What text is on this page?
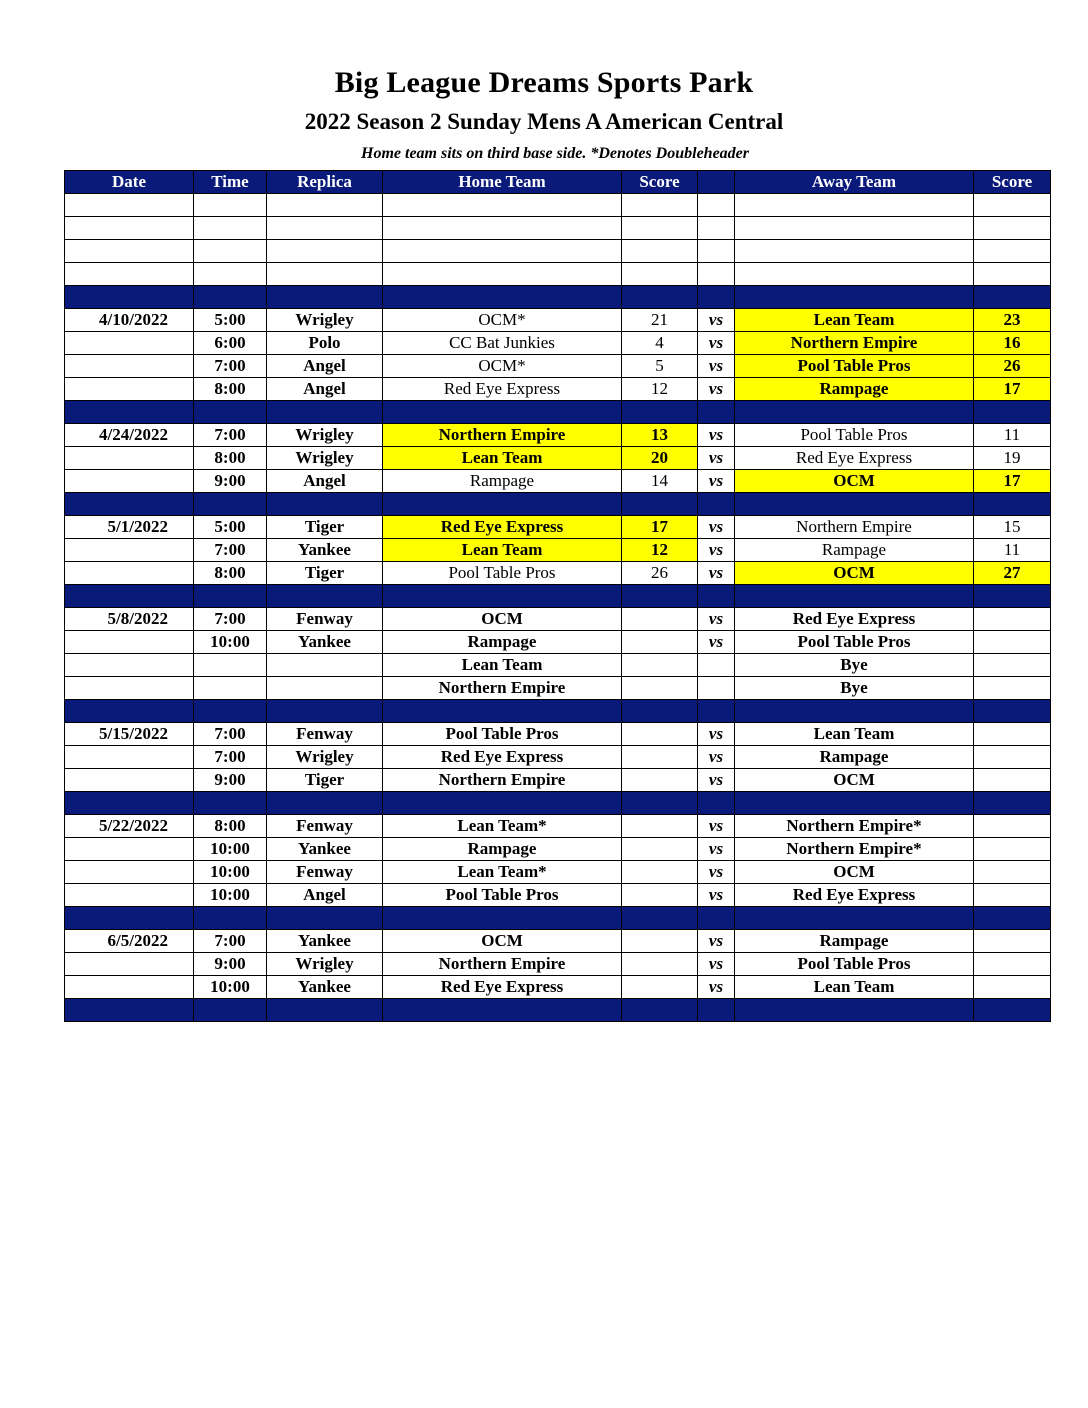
Big League Dreams Sports Park
2022 Season 2 Sunday Mens A American Central
Home team sits on third base side. *Denotes Doubleheader
Date	Time	Replica	Home Team	Score		Away Team	Score

4/10/2022	5:00	Wrigley	OCM*	21	vs	Lean Team	23
	6:00	Polo	CC Bat Junkies	4	vs	Northern Empire	16
	7:00	Angel	OCM*	5	vs	Pool Table Pros	26
	8:00	Angel	Red Eye Express	12	vs	Rampage	17

4/24/2022	7:00	Wrigley	Northern Empire	13	vs	Pool Table Pros	11
	8:00	Wrigley	Lean Team	20	vs	Red Eye Express	19
	9:00	Angel	Rampage	14	vs	OCM	17

5/1/2022	5:00	Tiger	Red Eye Express	17	vs	Northern Empire	15
	7:00	Yankee	Lean Team	12	vs	Rampage	11
	8:00	Tiger	Pool Table Pros	26	vs	OCM	27

5/8/2022	7:00	Fenway	OCM		vs	Red Eye Express	
	10:00	Yankee	Rampage		vs	Pool Table Pros	
			Lean Team			Bye	
			Northern Empire			Bye	

5/15/2022	7:00	Fenway	Pool Table Pros		vs	Lean Team	
	7:00	Wrigley	Red Eye Express		vs	Rampage	
	9:00	Tiger	Northern Empire		vs	OCM	

5/22/2022	8:00	Fenway	Lean Team*		vs	Northern Empire*	
	10:00	Yankee	Rampage		vs	Northern Empire*	
	10:00	Fenway	Lean Team*		vs	OCM	
	10:00	Angel	Pool Table Pros		vs	Red Eye Express	

6/5/2022	7:00	Yankee	OCM		vs	Rampage	
	9:00	Wrigley	Northern Empire		vs	Pool Table Pros	
	10:00	Yankee	Red Eye Express		vs	Lean Team	
